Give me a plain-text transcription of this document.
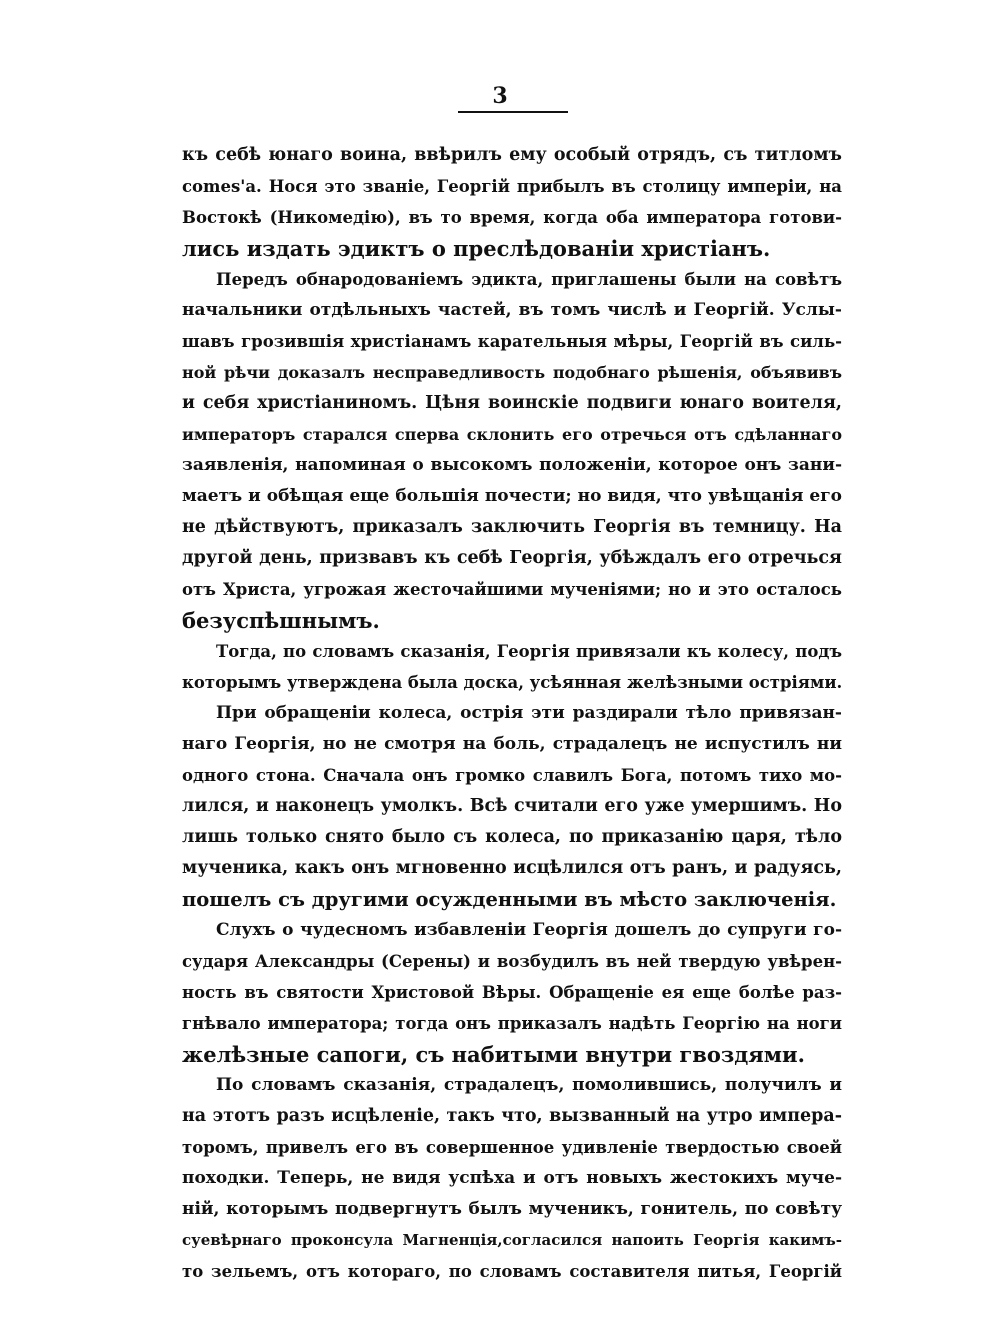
3
къ себѣ юнаго воина, ввѣрилъ ему особый отрядъ, съ титломъ
comes'a. Нося это званіе, Георгій прибылъ въ столицу имперіи, на
Востокѣ (Никомедію), въ то время, когда оба императора готови-
лись издать эдиктъ о преслѣдованіи христіанъ.
Передъ обнародованіемъ эдикта, приглашены были на совѣтъ
начальники отдѣльныхъ частей, въ томъ числѣ и Георгій. Услы-
шавъ грозившія христіанамъ карательныя мѣры, Георгій въ силь-
ной рѣчи доказалъ несправедливость подобнаго рѣшенія, объявивъ
и себя христіаниномъ. Цѣня воинскіе подвиги юнаго воителя,
императоръ старался сперва склонить его отречься отъ сдѣланнаго
заявленія, напоминая о высокомъ положеніи, которое онъ зани-
маетъ и обѣщая еще большія почести; но видя, что увѣщанія его
не дѣйствуютъ, приказалъ заключить Георгія въ темницу. На
другой день, призвавъ къ себѣ Георгія, убѣждалъ его отречься
отъ Христа, угрожая жесточайшими мученіями; но и это осталось
безуспѣшнымъ.
Тогда, по словамъ сказанія, Георгія привязали къ колесу, подъ
которымъ утверждена была доска, усѣянная желѣзными остріями.
При обращеніи колеса, острія эти раздирали тѣло привязан-
наго Георгія, но не смотря на боль, страдалецъ не испустилъ ни
одного стона. Сначала онъ громко славилъ Бога, потомъ тихо мо-
лился, и наконецъ умолкъ. Всѣ считали его уже умершимъ. Но
лишь только снято было съ колеса, по приказанію царя, тѣло
мученика, какъ онъ мгновенно исцѣлился отъ ранъ, и радуясь,
пошелъ съ другими осужденными въ мѣсто заключенія.
Слухъ о чудесномъ избавленіи Георгія дошелъ до супруги го-
сударя Александры (Серены) и возбудилъ въ ней твердую увѣрен-
ность въ святости Христовой Вѣры. Обращеніе ея еще болѣе раз-
гнѣвало императора; тогда онъ приказалъ надѣть Георгію на ноги
желѣзные сапоги, съ набитыми внутри гвоздями.
По словамъ сказанія, страдалецъ, помолившись, получилъ и
на этотъ разъ исцѣленіе, такъ что, вызванный на утро импера-
торомъ, привелъ его въ совершенное удивленіе твердостью своей
походки. Теперь, не видя успѣха и отъ новыхъ жестокихъ муче-
ній, которымъ подвергнутъ былъ мученикъ, гонитель, по совѣту
суевѣрнаго проконсула Магненція,согласился напоить Георгія какимъ-
то зельемъ, отъ котораго, по словамъ составителя питья, Георгій
